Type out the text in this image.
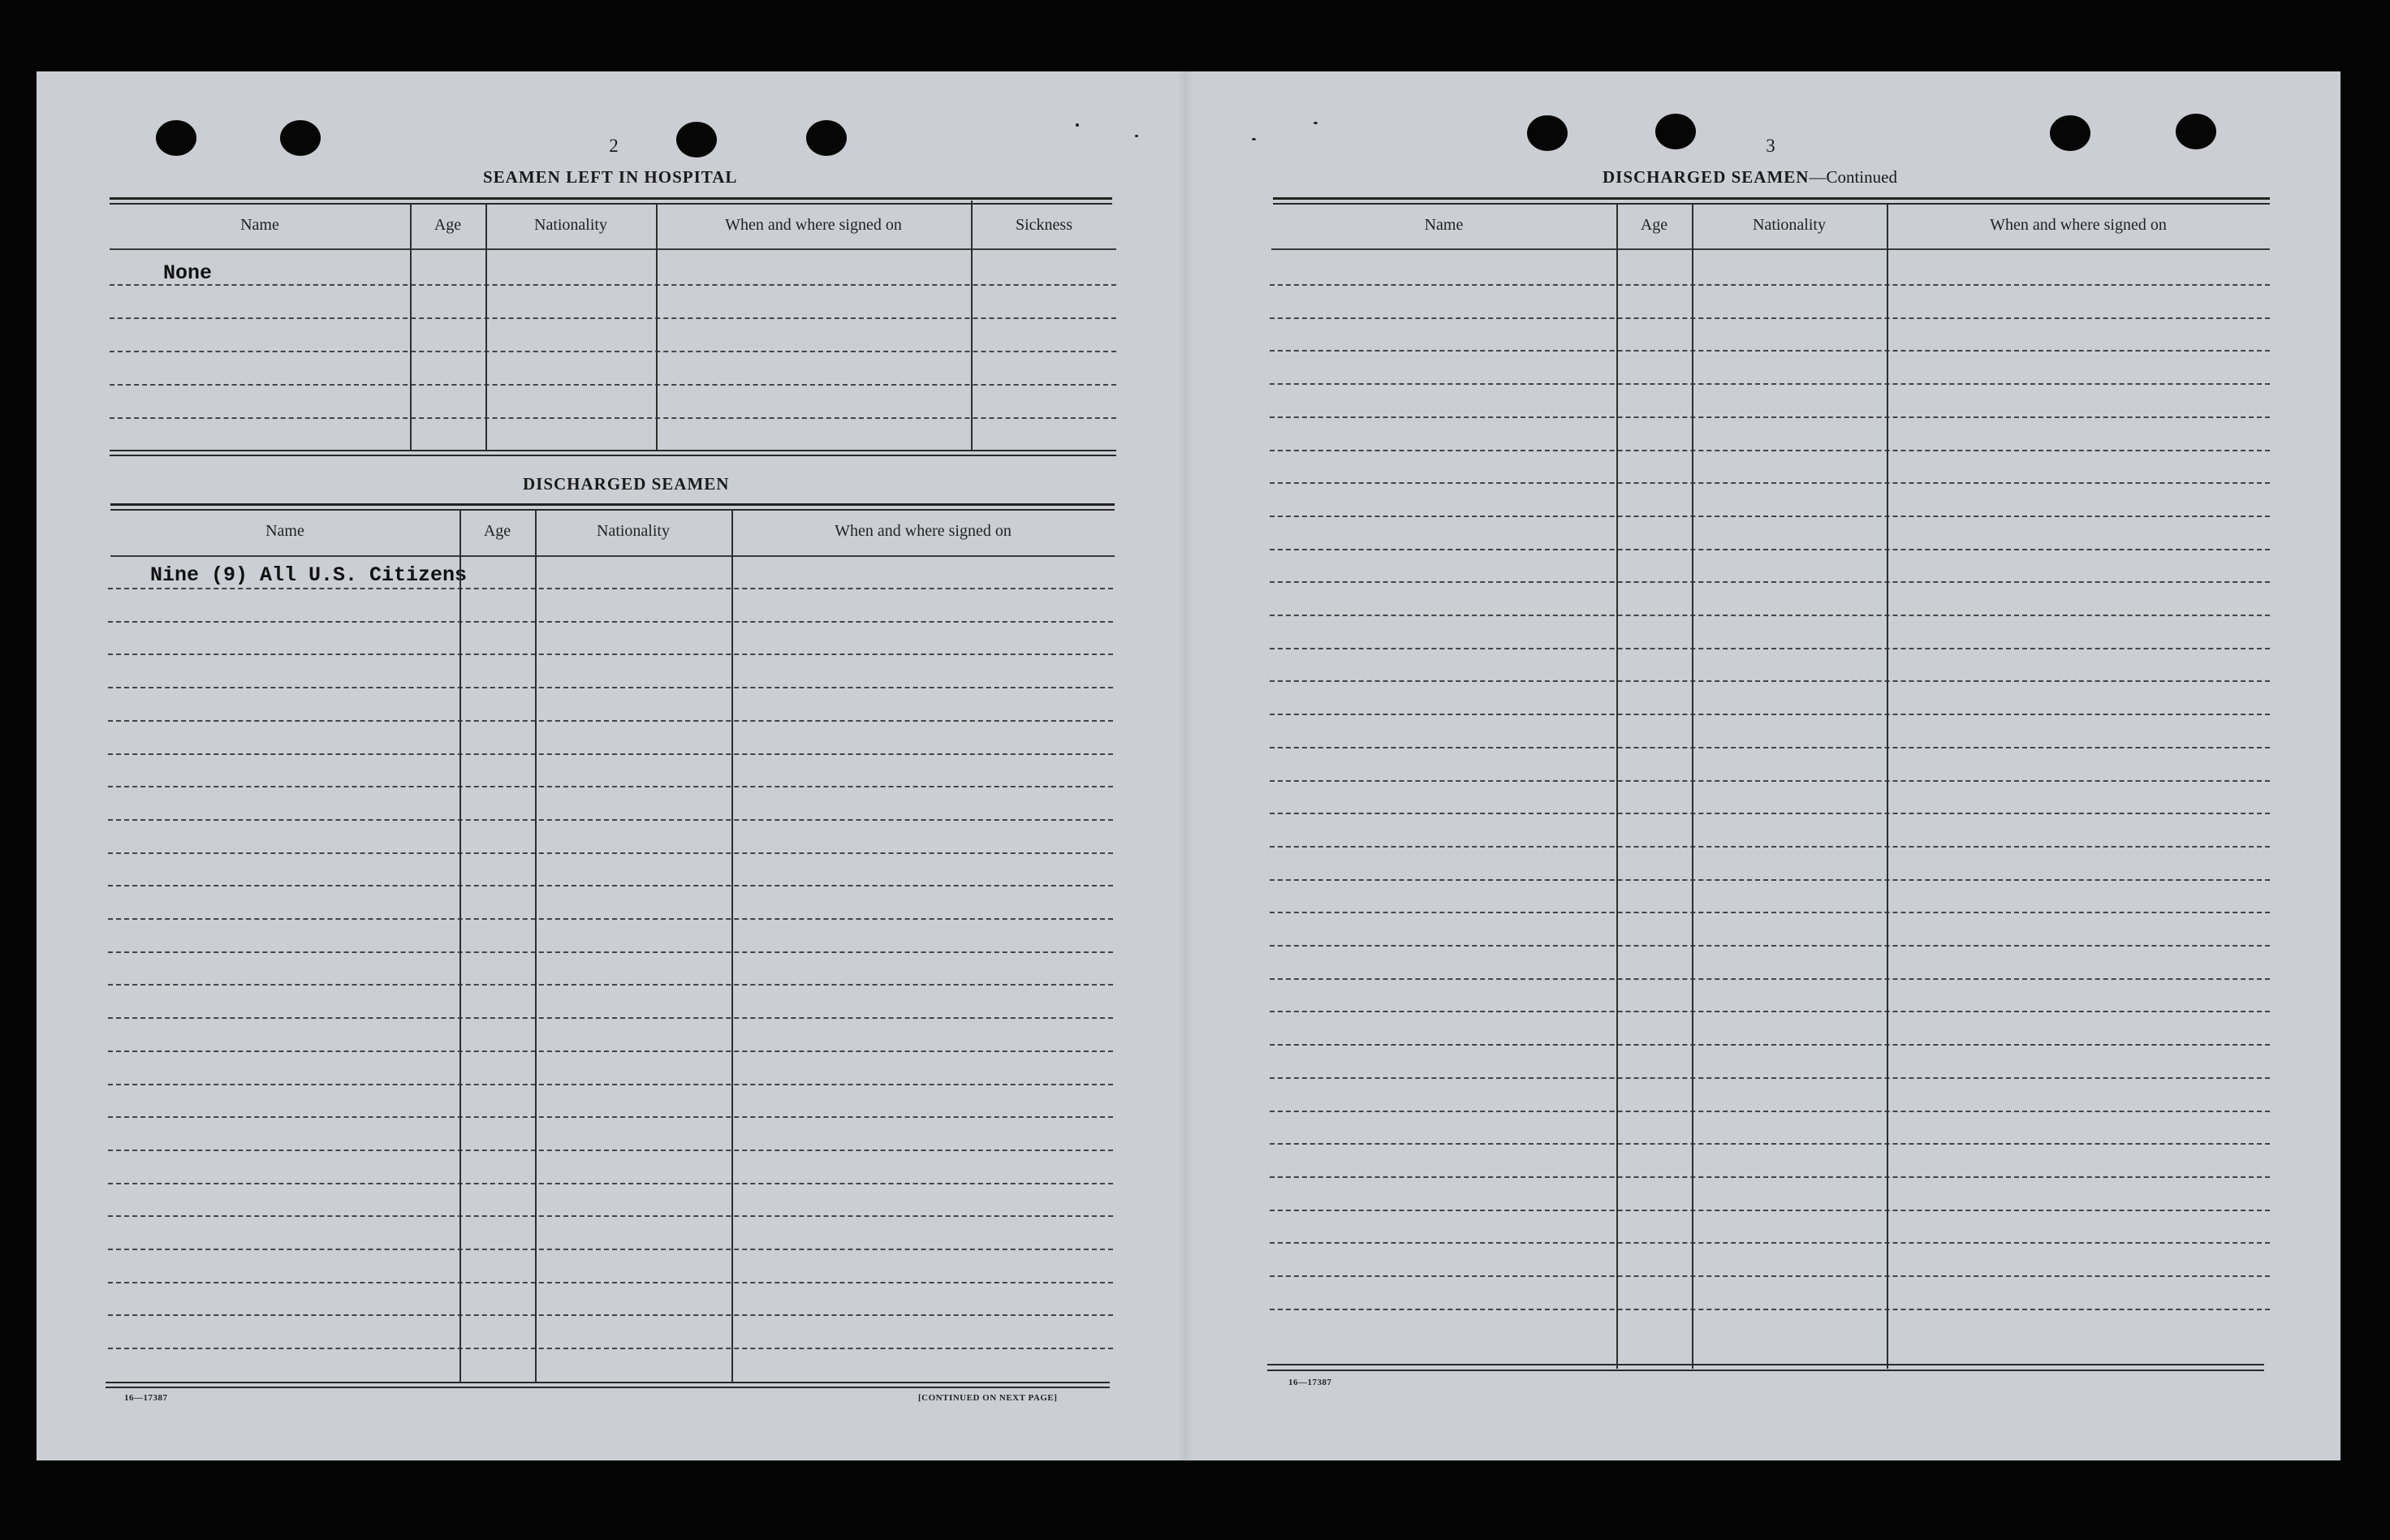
2
SEAMEN LEFT IN HOSPITAL
Name	Age	Nationality	When and where signed on	Sickness
None
DISCHARGED SEAMEN
Name	Age	Nationality	When and where signed on
Nine (9) All U.S. Citizens
16—17387	[CONTINUED ON NEXT PAGE]
3
DISCHARGED SEAMEN—Continued
Name	Age	Nationality	When and where signed on
16—17387
